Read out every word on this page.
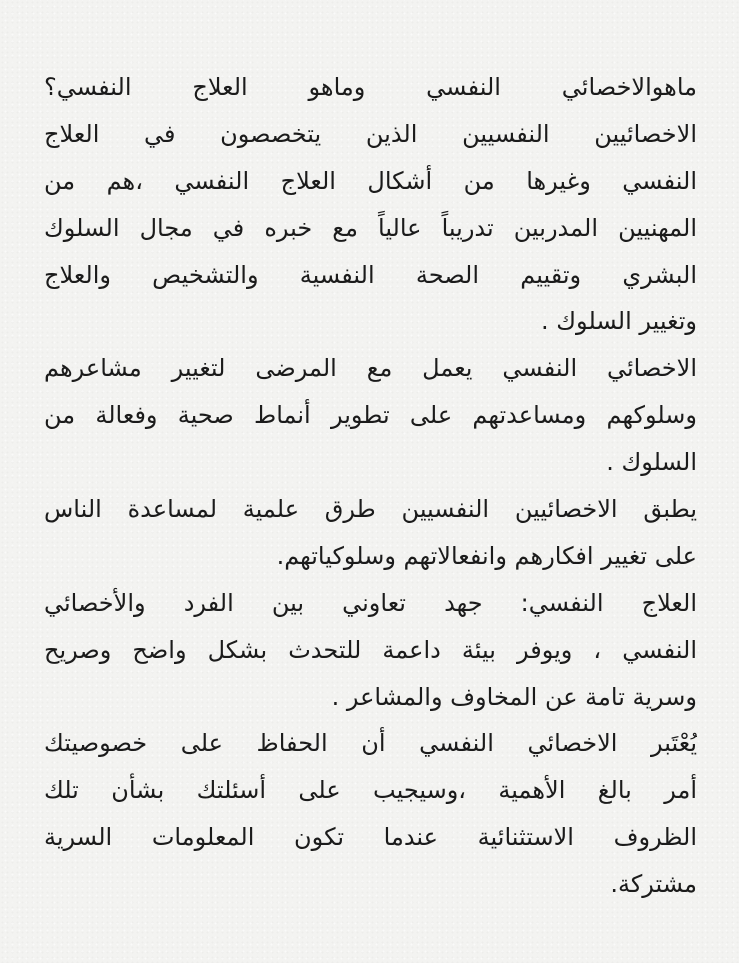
ماهوالاخصائي النفسي وماهو العلاج النفسي؟
الاخصائيين النفسيين الذين يتخصصون في العلاج
النفسي وغيرها من أشكال العلاج النفسي ،هم من
المهنيين المدربين تدريباً عالياً مع خبره في مجال السلوك
البشري وتقييم الصحة النفسية والتشخيص والعلاج
وتغيير السلوك .
الاخصائي النفسي يعمل مع المرضى لتغيير مشاعرهم
وسلوكهم ومساعدتهم على تطوير أنماط صحية وفعالة من
السلوك .
يطبق الاخصائيين النفسيين طرق علمية لمساعدة الناس
على تغيير افكارهم وانفعالاتهم وسلوكياتهم.
العلاج النفسي: جهد تعاوني بين الفرد والأخصائي
النفسي ، ويوفر بيئة داعمة للتحدث بشكل واضح وصريح
وسرية تامة عن المخاوف والمشاعر .
يُعْتَبر الاخصائي النفسي أن الحفاظ على خصوصيتك
أمر بالغ الأهمية ،وسيجيب على أسئلتك بشأن تلك
الظروف الاستثنائية عندما تكون المعلومات السرية
مشتركة.
